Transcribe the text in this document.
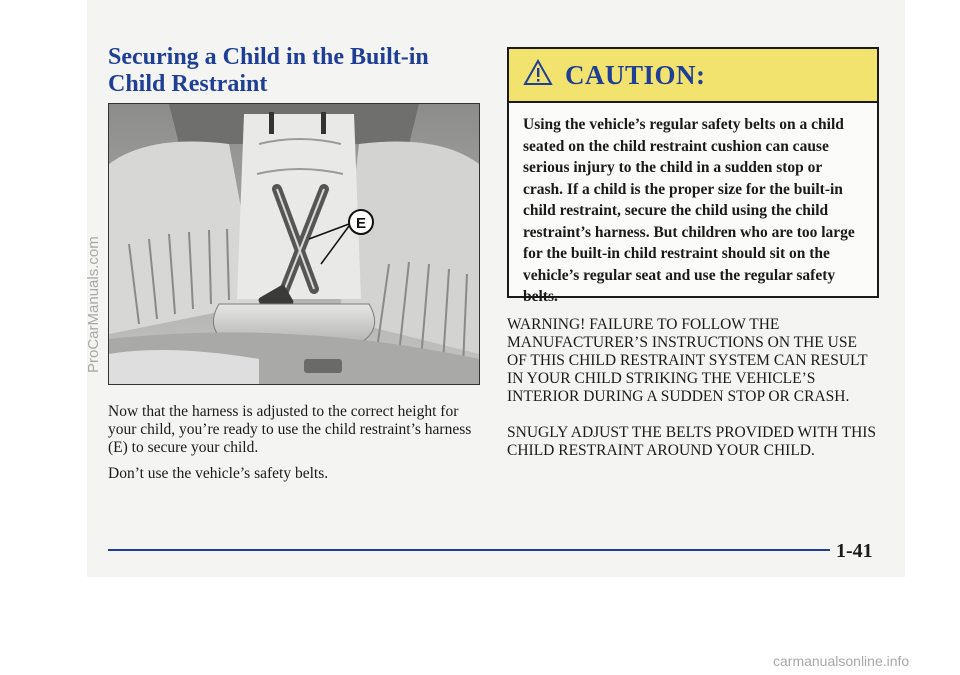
Securing a Child in the Built-in Child Restraint
E

Now that the harness is adjusted to the correct height for your child, you’re ready to use the child restraint’s harness (E) to secure your child.

Don’t use the vehicle’s safety belts.

CAUTION:

Using the vehicle’s regular safety belts on a child seated on the child restraint cushion can cause serious injury to the child in a sudden stop or crash. If a child is the proper size for the built-in child restraint, secure the child using the child restraint’s harness. But children who are too large for the built-in child restraint should sit on the vehicle’s regular seat and use the regular safety belts.

WARNING! FAILURE TO FOLLOW THE MANUFACTURER’S INSTRUCTIONS ON THE USE OF THIS CHILD RESTRAINT SYSTEM CAN RESULT IN YOUR CHILD STRIKING THE VEHICLE’S INTERIOR DURING A SUDDEN STOP OR CRASH.

SNUGLY ADJUST THE BELTS PROVIDED WITH THIS CHILD RESTRAINT AROUND YOUR CHILD.

1-41
ProCarManuals.com
carmanualsonline.info
